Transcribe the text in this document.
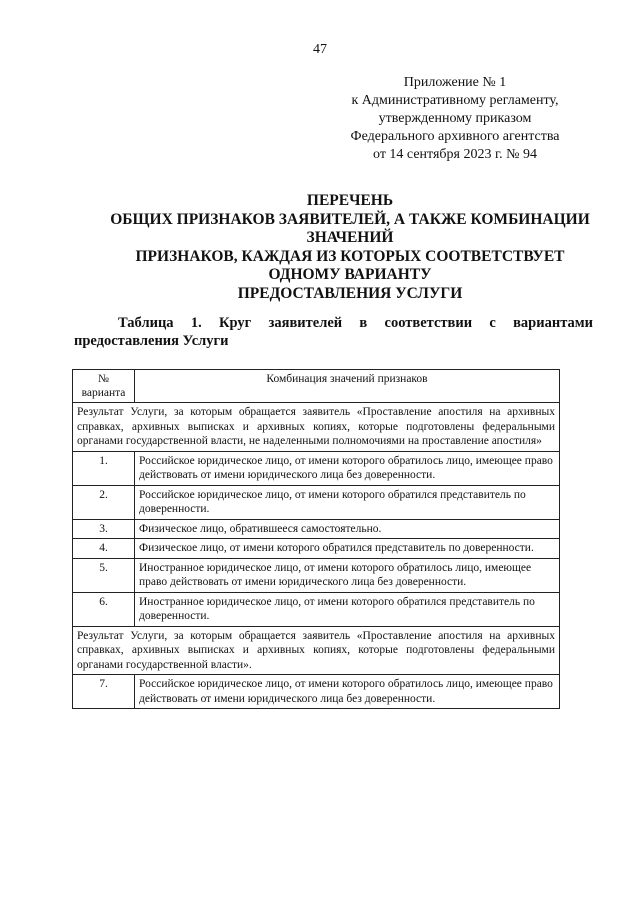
47
Приложение № 1
к Административному регламенту,
утвержденному приказом
Федерального архивного агентства
от 14 сентября 2023 г. № 94
ПЕРЕЧЕНЬ
ОБЩИХ ПРИЗНАКОВ ЗАЯВИТЕЛЕЙ, А ТАКЖЕ КОМБИНАЦИИ
ЗНАЧЕНИЙ
ПРИЗНАКОВ, КАЖДАЯ ИЗ КОТОРЫХ СООТВЕТСТВУЕТ
ОДНОМУ ВАРИАНТУ
ПРЕДОСТАВЛЕНИЯ УСЛУГИ
Таблица 1. Круг заявителей в соответствии с вариантами
предоставления Услуги
№ варианта	Комбинация значений признаков
Результат Услуги, за которым обращается заявитель «Проставление апостиля на архивных справках, архивных выписках и архивных копиях, которые подготовлены федеральными органами государственной власти, не наделенными полномочиями на проставление апостиля»	
1.	Российское юридическое лицо, от имени которого обратилось лицо, имеющее право действовать от имени юридического лица без доверенности.
2.	Российское юридическое лицо, от имени которого обратился представитель по доверенности.
3.	Физическое лицо, обратившееся самостоятельно.
4.	Физическое лицо, от имени которого обратился представитель по доверенности.
5.	Иностранное юридическое лицо, от имени которого обратилось лицо, имеющее право действовать от имени юридического лица без доверенности.
6.	Иностранное юридическое лицо, от имени которого обратился представитель по доверенности.
Результат Услуги, за которым обращается заявитель «Проставление апостиля на архивных справках, архивных выписках и архивных копиях, которые подготовлены федеральными органами государственной власти».	
7.	Российское юридическое лицо, от имени которого обратилось лицо, имеющее право действовать от имени юридического лица без доверенности.
